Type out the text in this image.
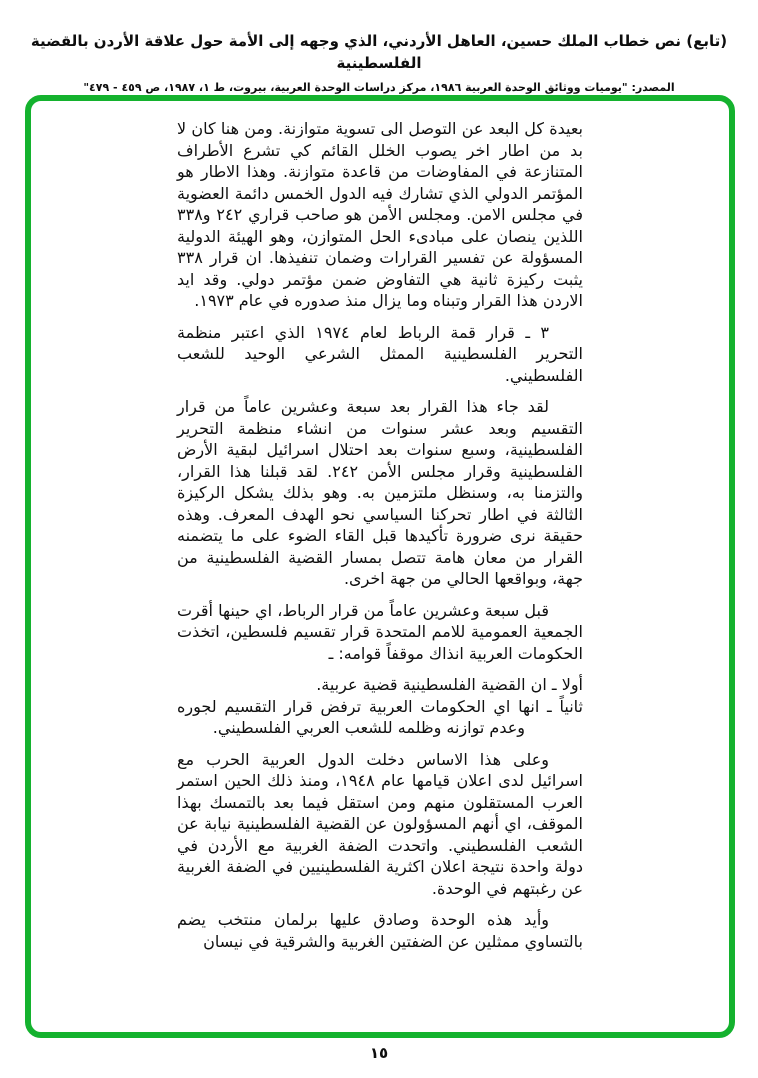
(تابع) نص خطاب الملك حسين، العاهل الأردني، الذي وجهه إلى الأمة حول علاقة الأردن بالقضية الفلسطينية
المصدر: "يوميات ووثائق الوحدة العربية ١٩٨٦، مركز دراسات الوحدة العربية، بيروت، ط ١، ١٩٨٧، ص ٤٥٩ - ٤٧٩"

بعيدة كل البعد عن التوصل الى تسوية متوازنة. ومن هنا كان لا بد من اطار اخر يصوب الخلل القائم كي تشرع الأطراف المتنازعة في المفاوضات من قاعدة متوازنة. وهذا الاطار هو المؤتمر الدولي الذي تشارك فيه الدول الخمس دائمة العضوية في مجلس الامن. ومجلس الأمن هو صاحب قراري ٢٤٢ و٣٣٨ اللذين ينصان على مبادىء الحل المتوازن، وهو الهيئة الدولية المسؤولة عن تفسير القرارات وضمان تنفيذها. ان قرار ٣٣٨ يثبت ركيزة ثانية هي التفاوض ضمن مؤتمر دولي. وقد ايد الاردن هذا القرار وتبناه وما يزال منذ صدوره في عام ١٩٧٣.

٣ ـ قرار قمة الرباط لعام ١٩٧٤ الذي اعتبر منظمة التحرير الفلسطينية الممثل الشرعي الوحيد للشعب الفلسطيني.

لقد جاء هذا القرار بعد سبعة وعشرين عاماً من قرار التقسيم وبعد عشر سنوات من انشاء منظمة التحرير الفلسطينية، وسبع سنوات بعد احتلال اسرائيل لبقية الأرض الفلسطينية وقرار مجلس الأمن ٢٤٢. لقد قبلنا هذا القرار، والتزمنا به، وسنظل ملتزمين به. وهو بذلك يشكل الركيزة الثالثة في اطار تحركنا السياسي نحو الهدف المعرف. وهذه حقيقة نرى ضرورة تأكيدها قبل القاء الضوء على ما يتضمنه القرار من معان هامة تتصل بمسار القضية الفلسطينية من جهة، وبواقعها الحالي من جهة اخرى.

قبل سبعة وعشرين عاماً من قرار الرباط، اي حينها أقرت الجمعية العمومية للامم المتحدة قرار تقسيم فلسطين، اتخذت الحكومات العربية انذاك موقفاً قوامه: ـ

أولا ـ ان القضية الفلسطينية قضية عربية.

ثانياً ـ انها اي الحكومات العربية ترفض قرار التقسيم لجوره وعدم توازنه وظلمه للشعب العربي الفلسطيني.

وعلى هذا الاساس دخلت الدول العربية الحرب مع اسرائيل لدى اعلان قيامها عام ١٩٤٨، ومنذ ذلك الحين استمر العرب المستقلون منهم ومن استقل فيما بعد بالتمسك بهذا الموقف، اي أنهم المسؤولون عن القضية الفلسطينية نيابة عن الشعب الفلسطيني. واتحدت الضفة الغربية مع الأردن في دولة واحدة نتيجة اعلان اكثرية الفلسطينيين في الضفة الغربية عن رغبتهم في الوحدة.

وأيد هذه الوحدة وصادق عليها برلمان منتخب يضم بالتساوي ممثلين عن الضفتين الغربية والشرقية في نيسان

١٥
